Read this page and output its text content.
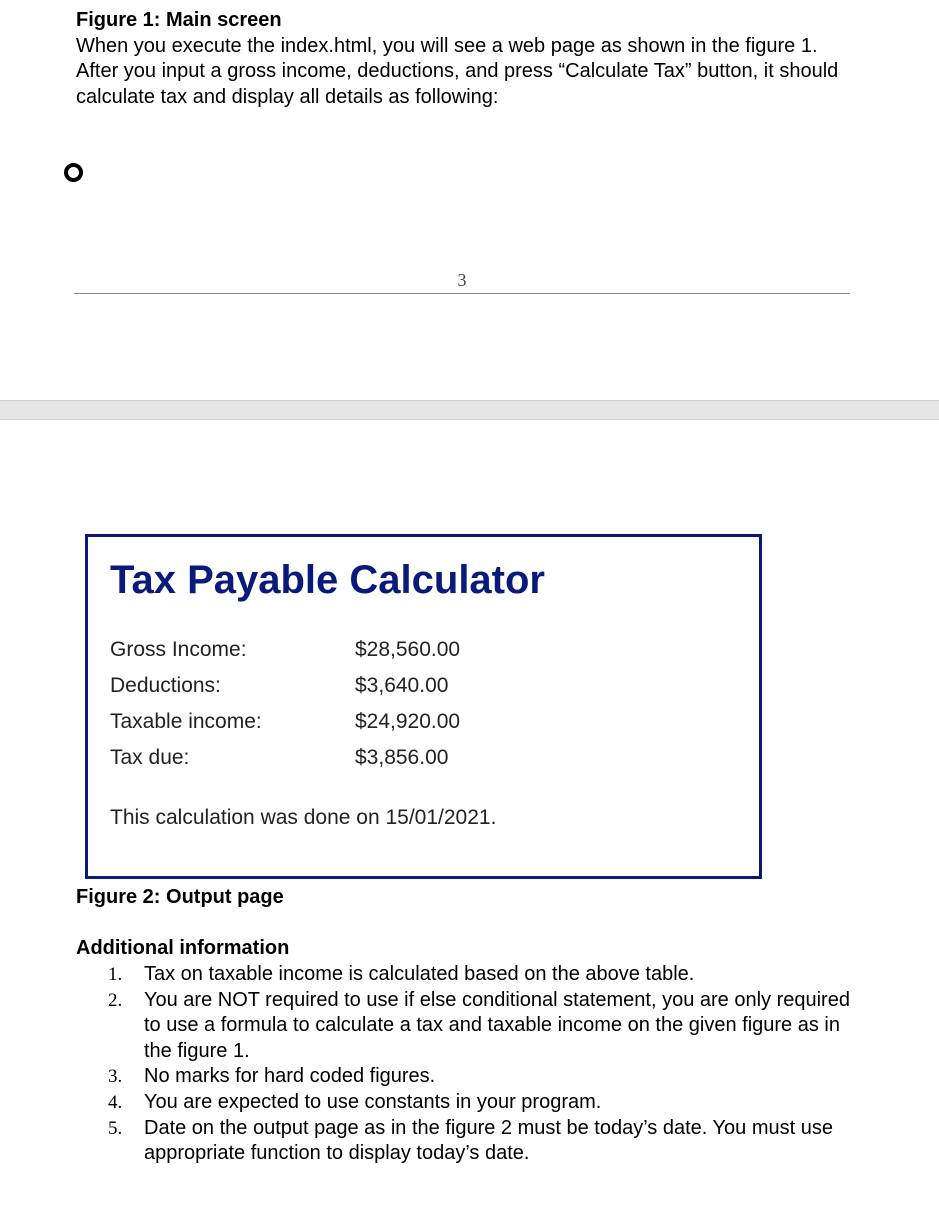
Figure 1: Main screen
When you execute the index.html, you will see a web page as shown in the figure 1.
After you input a gross income, deductions, and press “Calculate Tax” button, it should calculate tax and display all details as following:
3
Tax Payable Calculator
Gross Income:	$28,560.00
Deductions:	$3,640.00
Taxable income:	$24,920.00
Tax due:	$3,856.00
This calculation was done on 15/01/2021.
Figure 2: Output page
Additional information
1. Tax on taxable income is calculated based on the above table.
2. You are NOT required to use if else conditional statement, you are only required to use a formula to calculate a tax and taxable income on the given figure as in the figure 1.
3. No marks for hard coded figures.
4. You are expected to use constants in your program.
5. Date on the output page as in the figure 2 must be today’s date. You must use appropriate function to display today’s date.
